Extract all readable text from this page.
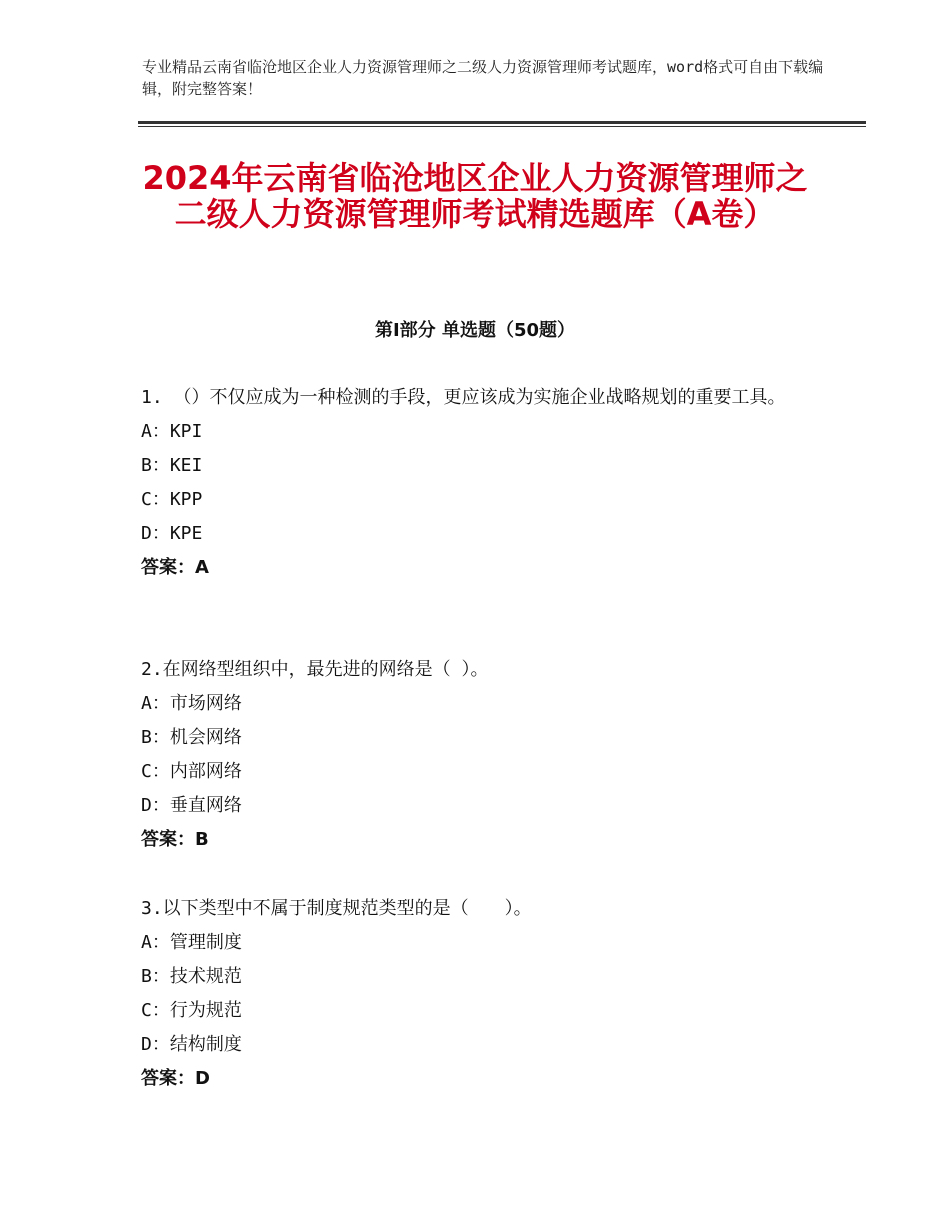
专业精品云南省临沧地区企业人力资源管理师之二级人力资源管理师考试题库，word格式可自由下载编辑，附完整答案！
2024年云南省临沧地区企业人力资源管理师之二级人力资源管理师考试精选题库（A卷）
第Ⅰ部分 单选题（50题）

1. （）不仅应成为一种检测的手段，更应该成为实施企业战略规划的重要工具。

A：KPI

B：KEI

C：KPP

D：KPE

答案：A

2.在网络型组织中，最先进的网络是（ ）。

A：市场网络

B：机会网络

C：内部网络

D：垂直网络

答案：B

3.以下类型中不属于制度规范类型的是（　　）。

A：管理制度

B：技术规范

C：行为规范

D：结构制度

答案：D
